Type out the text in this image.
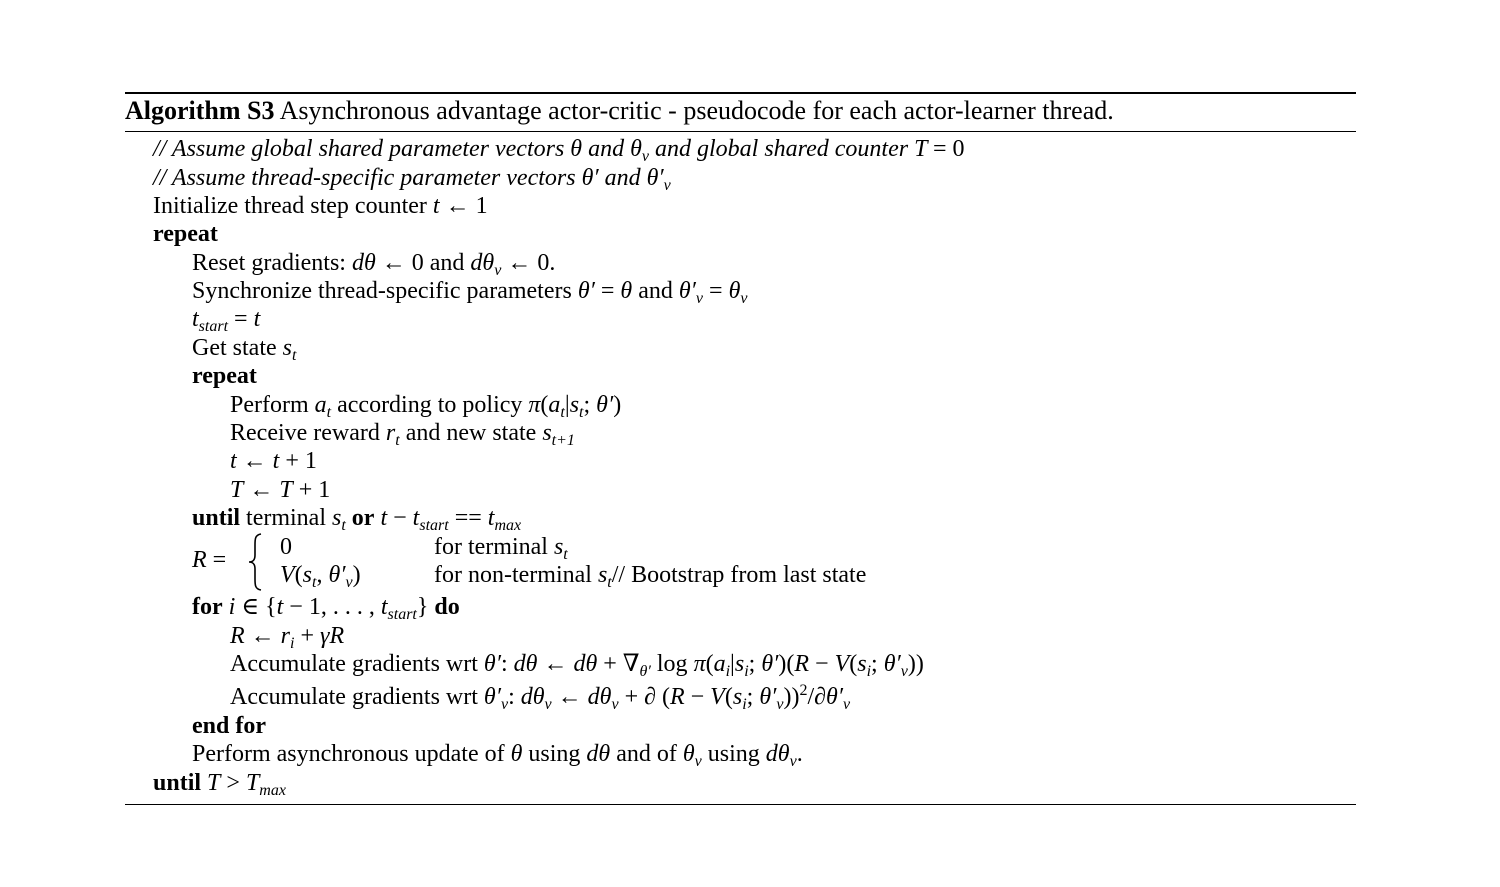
Algorithm S3 Asynchronous advantage actor-critic - pseudocode for each actor-learner thread.
// Assume global shared parameter vectors θ and $\theta_v$ and global shared counter T = 0
// Assume thread-specific parameter vectors θ′ and $\theta'_v$
Initialize thread step counter t ← 1
repeat
Reset gradients: dθ ← 0 and $d\theta_v$ ← 0.
Synchronize thread-specific parameters θ′ = θ and $\theta'_v = \theta_v$
$t_{start} = t$
Get state $s_t$
repeat
Perform $a_t$ according to policy $\pi(a_t|s_t$; θ′)
Receive reward $r_t$ and new state $s_{t+1}$
t ← t + 1
T ← T + 1
until terminal $s_t$ or $t - t_{start} == t_{max}$
R = 0
$V(s_t$, $\theta'_v$)
for terminal $s_t$
for non-terminal $s_t//$ Bootstrap from last state
for i ∈ {t − 1, . . . , $t_{start}$} do
R ← $r_i + \gamma R$
Accumulate gradients wrt θ′: dθ ← $d\theta + \nabla_{\theta'}$ $\log \pi(a_i|s_i$; $\theta')(R - V(s_i$; $\theta'_v$))
Accumulate gradients wrt $\theta'_v$: $d\theta_v$ ← $d\theta_v$ + ∂ ($R - V(s_i$; $\theta'_v))^2/\partial\theta'_v$
end for
Perform asynchronous update of θ using dθ and of $\theta_v$ using $d\theta_v$.
until $T > T_{max}$
